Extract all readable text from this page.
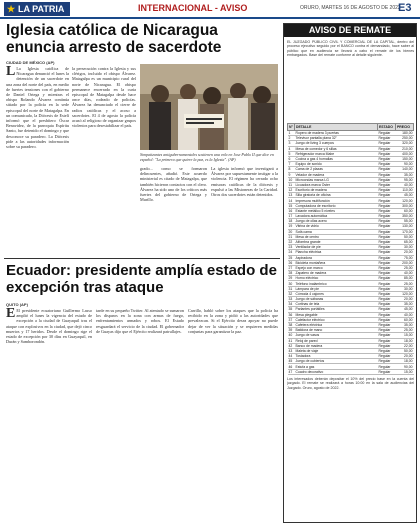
★ LA PATRIA	INTERNACIONAL - AVISO	ORURO, MARTES 16 DE AGOSTO DE 2022
E3
Iglesia católica de Nicaragua enuncia arresto de sacerdote
CIUDAD DE MÉXICO (AP)
L La Iglesia católica de Nicaragua denunció el lunes la detención de un sacerdote en una zona del norte del país, en medio de fuertes tensiones con el gobierno de Daniel Ortega y mientras el obispo Rolando Álvarez continúa sitiado por la policía en la sede episcopal del norte de Matagalpa. En un comunicado, la Diócesis de Estelí informó que el presbítero Óscar Benavidez, de la parroquia Espíritu Santo, fue detenido el domingo y que desconoce su paradero. La Diócesis pide a las autoridades información sobre su paradero.
la persecución contra la Iglesia y sus clérigos, incluido el obispo Álvarez. Matagalpa es un municipio rural del norte de Nicaragua. El obispo permanece encerrado en la curia episcopal de Matagalpa desde hace once días, rodeado de policías. Álvarez ha denunciado el cierre de radios católicas y el acoso a sacerdotes. El 4 de agosto la policía acusó al religioso de organizar grupos violentos para desestabilizar el país.
Simpatizantes antigubernamentales sostienen una vela en Jose Pablo II que dice en español: "La primera que quiere la paz, es la Iglesia". (AP)
grado... como se formaron delincuentes, añadió. Este acuerdo ministerial es citado de Matagalpa, que también hicieron contactos con el clero. Álvarez ha sido uno de los críticos más fuertes del gobierno de Ortega y Murillo.
La iglesia informó que investigará a Álvarez por supuestamente instigar a la violencia. El régimen ha cerrado ocho emisoras católicas de la diócesis y expulsó a las Misioneras de la Caridad. Otros dos sacerdotes están detenidos.
Ecuador: presidente amplía estado de excepción tras ataque
QUITO (AP)
E El presidente ecuatoriano Guillermo Lasso amplió el lunes la vigencia del estado de excepción a la ciudad de Guayaquil tras el ataque con explosivos en la ciudad, que dejó cinco muertos y 17 heridos. Desde el domingo rige el estado de excepción por 30 días en Guayaquil, en Durán y Samborondón.
tarde en su pequeño Twitter. Al atentado se sumaron los disparos en la zona con armas de fuego, enfrentamientos armados y robos. El Estado resguardará el servicio de la ciudad. El gobernador de Guayas dijo que el Ejército realizará patrullajes.
Carrillo, habló sobre los ataques que la policía ha recibido en la zona y pidió a las autoridades que prevalezcan. Si el Ejército desea apoyar no puede dejar de ver la situación y se requieren medidas conjuntas para garantizar la paz.
AVISO DE REMATE
EL JUZGADO PÚBLICO CIVIL Y COMERCIAL DE LA CAPITAL, dentro del proceso ejecutivo seguido por el BANCO contra el demandado, hace saber al público que en audiencia se llevará a cabo el remate de los bienes embargados. Base del remate conforme al detalle siguiente.
N°	DETALLE	ESTADO	PRECIO
1	Ropero de madera 3 puertas	Regular	180,00
2	Televisor pantalla plana 32"	Regular	250,00
3	Juego de living 3 cuerpos	Regular	320,00
4	Mesa de comedor y 6 sillas	Regular	210,00
5	Refrigerador marca Mabe	Regular	400,00
6	Cocina a gas 4 hornallas	Regular	150,00
7	Equipo de sonido	Regular	90,00
8	Cama de 2 plazas	Regular	140,00
9	Velador de madera	Regular	35,00
10	Microondas marca LG	Regular	95,00
11	Licuadora marca Oster	Regular	40,00
12	Escritorio de madera	Regular	110,00
13	Silla giratoria de oficina	Regular	45,00
14	Impresora multifunción	Regular	120,00
15	Computadora de escritorio	Regular	300,00
16	Estante metálico 5 niveles	Regular	60,00
17	Lavadora automática	Regular	350,00
18	Juego de ollas acero	Regular	55,00
19	Vitrina de vidrio	Regular	130,00
20	Sofá cama	Regular	170,00
21	Mesa de centro	Regular	50,00
22	Alfombra grande	Regular	65,00
23	Ventilador de pie	Regular	30,00
24	Plancha eléctrica	Regular	20,00
25	Aspiradora	Regular	75,00
26	Bicicleta montañera	Regular	200,00
27	Espejo con marco	Regular	25,00
28	Zapatero de madera	Regular	40,00
29	Horno eléctrico	Regular	85,00
30	Teléfono inalámbrico	Regular	25,00
31	Lámpara de pie	Regular	30,00
32	Cómoda 4 cajones	Regular	120,00
33	Juego de sábanas	Regular	20,00
34	Cortinas de tela	Regular	35,00
35	Parlantes portátiles	Regular	45,00
36	Mesa plegable	Regular	40,00
37	Calefactor eléctrico	Regular	60,00
38	Cafetera eléctrica	Regular	35,00
39	Batidora de mano	Regular	25,00
40	Juego de vasos	Regular	15,00
41	Reloj de pared	Regular	18,00
42	Banco de madera	Regular	22,00
43	Maleta de viaje	Regular	50,00
44	Tostadora	Regular	20,00
45	Juego de cubiertos	Regular	18,00
46	Estufa a gas	Regular	90,00
47	Cuadro decorativo	Regular	15,00
Los interesados deberán depositar el 10% del precio base en la cuenta del juzgado. El remate se realizará a horas 10:00 en la sala de audiencias del Juzgado. Oruro, agosto de 2022.
